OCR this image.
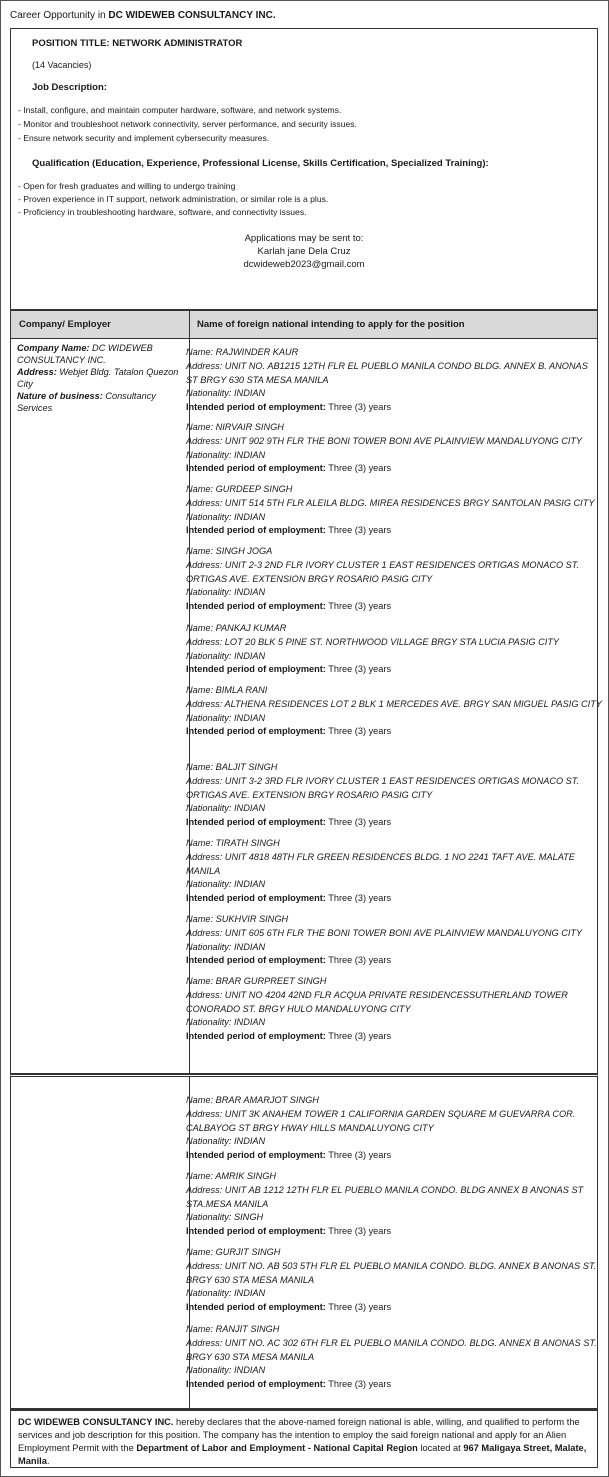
Career Opportunity in DC WIDEWEB CONSULTANCY INC.
POSITION TITLE: NETWORK ADMINISTRATOR
(14 Vacancies)
Job Description:
- Install, configure, and maintain computer hardware, software, and network systems.
- Monitor and troubleshoot network connectivity, server performance, and security issues.
- Ensure network security and implement cybersecurity measures.
Qualification (Education, Experience, Professional License, Skills Certification, Specialized Training):
- Open for fresh graduates and willing to undergo training
- Proven experience in IT support, network administration, or similar role is a plus.
- Proficiency in troubleshooting hardware, software, and connectivity issues.
Applications may be sent to:
Karlah jane Dela Cruz
dcwideweb2023@gmail.com
Company/ Employer	Name of foreign national intending to apply for the position
Company Name: DC WIDEWEB CONSULTANCY INC.
Address: Webjet Bldg. Tatalon Quezon City
Nature of business: Consultancy Services
Name: RAJWINDER KAUR
Address: UNIT NO. AB1215 12TH FLR EL PUEBLO MANILA CONDO BLDG. ANNEX B. ANONAS ST BRGY 630 STA MESA MANILA
Nationality: INDIAN
Intended period of employment: Three (3) years
Name: NIRVAIR SINGH
Address: UNIT 902 9TH FLR THE BONI TOWER BONI AVE PLAINVIEW MANDALUYONG CITY
Nationality: INDIAN
Intended period of employment: Three (3) years
Name: GURDEEP SINGH
Address: UNIT 514 5TH FLR ALEILA BLDG. MIREA RESIDENCES BRGY SANTOLAN PASIG CITY
Nationality: INDIAN
Intended period of employment: Three (3) years
Name: SINGH JOGA
Address: UNIT 2-3 2ND FLR IVORY CLUSTER 1 EAST RESIDENCES ORTIGAS MONACO ST. ORTIGAS AVE. EXTENSION BRGY ROSARIO PASIG CITY
Nationality: INDIAN
Intended period of employment: Three (3) years
Name: PANKAJ KUMAR
Address: LOT 20 BLK 5 PINE ST. NORTHWOOD VILLAGE BRGY STA LUCIA PASIG CITY
Nationality: INDIAN
Intended period of employment: Three (3) years
Name: BIMLA RANI
Address: ALTHENA RESIDENCES LOT 2 BLK 1 MERCEDES AVE. BRGY SAN MIGUEL PASIG CITY
Nationality: INDIAN
Intended period of employment: Three (3) years
Name: BALJIT SINGH
Address: UNIT 3-2 3RD FLR IVORY CLUSTER 1 EAST RESIDENCES ORTIGAS MONACO ST. ORTIGAS AVE. EXTENSION BRGY ROSARIO PASIG CITY
Nationality: INDIAN
Intended period of employment: Three (3) years
Name: TIRATH SINGH
Address: UNIT 4818 48TH FLR GREEN RESIDENCES BLDG. 1 NO 2241 TAFT AVE. MALATE MANILA
Nationality: INDIAN
Intended period of employment: Three (3) years
Name: SUKHVIR SINGH
Address: UNIT 605 6TH FLR THE BONI TOWER BONI AVE PLAINVIEW MANDALUYONG CITY
Nationality: INDIAN
Intended period of employment: Three (3) years
Name: BRAR GURPREET SINGH
Address: UNIT NO 4204 42ND FLR ACQUA PRIVATE RESIDENCESSUTHERLAND TOWER CONORADO ST. BRGY HULO MANDALUYONG CITY
Nationality: INDIAN
Intended period of employment: Three (3) years
Name: BRAR AMARJOT SINGH
Address: UNIT 3K ANAHEM TOWER 1 CALIFORNIA GARDEN SQUARE M GUEVARRA COR. CALBAYOG ST BRGY HWAY HILLS MANDALUYONG CITY
Nationality: INDIAN
Intended period of employment: Three (3) years
Name: AMRIK SINGH
Address: UNIT AB 1212 12TH FLR EL PUEBLO MANILA CONDO. BLDG ANNEX B ANONAS ST STA.MESA MANILA
Nationality: SINGH
Intended period of employment: Three (3) years
Name: GURJIT SINGH
Address: UNIT NO. AB 503 5TH FLR EL PUEBLO MANILA CONDO. BLDG. ANNEX B ANONAS ST. BRGY 630 STA MESA MANILA
Nationality: INDIAN
Intended period of employment: Three (3) years
Name: RANJIT SINGH
Address: UNIT NO. AC 302 6TH FLR EL PUEBLO MANILA CONDO. BLDG. ANNEX B ANONAS ST. BRGY 630 STA MESA MANILA
Nationality: INDIAN
Intended period of employment: Three (3) years
DC WIDEWEB CONSULTANCY INC. hereby declares that the above-named foreign national is able, willing, and qualified to perform the services and job description for this position. The company has the intention to employ the said foreign national and apply for an Alien Employment Permit with the Department of Labor and Employment - National Capital Region located at 967 Maligaya Street, Malate, Manila.
